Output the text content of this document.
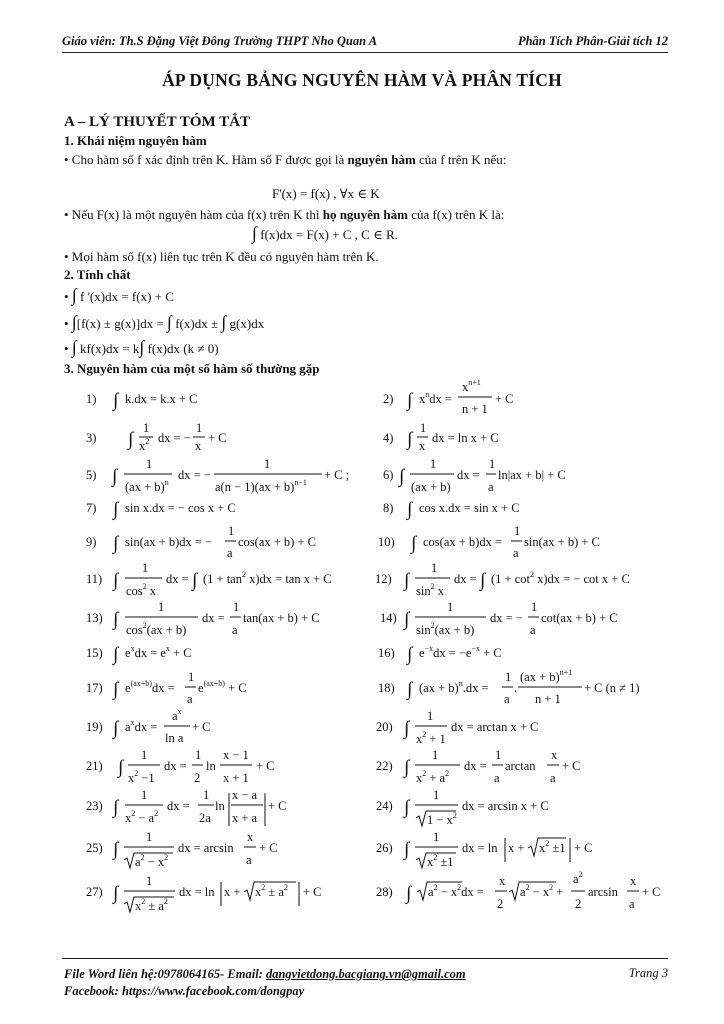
Giáo viên: Th.S Đặng Việt Đông Trường THPT Nho Quan A	Phần Tích Phân-Giải tích 12
ÁP DỤNG BẢNG NGUYÊN HÀM VÀ PHÂN TÍCH
A – LÝ THUYẾT TÓM TẮT
1. Khái niệm nguyên hàm
• Cho hàm số f xác định trên K. Hàm số F được gọi là nguyên hàm của f trên K nếu:
F'(x) = f(x) , ∀x ∈ K
• Nếu F(x) là một nguyên hàm của f(x) trên K thì họ nguyên hàm của f(x) trên K là:
∫ f(x)dx = F(x) + C , C ∈ R.
• Mọi hàm số f(x) liên tục trên K đều có nguyên hàm trên K.
2. Tính chất
• ∫ f '(x)dx = f(x) + C
• ∫[f(x) ± g(x)]dx = ∫ f(x)dx ± ∫ g(x)dx
• ∫ kf(x)dx = k∫ f(x)dx (k ≠ 0)
3. Nguyên hàm của một số hàm số thường gặp
1) ∫ k.dx = k.x + C	2) ∫ $x^ndx$ =
$x^{n+1}$
n + 1
+ C
3) ∫
1
$x^2$ dx = −
1
x
+ C	4) ∫
1
x
dx = ln x + C
5) ∫
1
(ax + b)$^n$
dx = −
1
a(n − 1)(ax + b)$^{n-1}$
+ C ;	6) ∫
1
(ax + b)
dx =
1
a
ln|ax + b| + C
7) ∫ sin x.dx = − cos x + C	8) ∫ cos x.dx = sin x + C
9) ∫ sin(ax + b)dx = −
1
a
cos(ax + b) + C	10) ∫ cos(ax + b)dx =
1
a
sin(ax + b) + C
11) ∫
1
$\cos^2 x$
dx = ∫ $(1 + \tan^2 x)dx = \tan x + C$	12) ∫
1
$\sin^2 x$
dx = ∫ $(1 + \cot^2 x)dx$ = − cot x + C
13) ∫
1
$\cos^2(ax + b)$
dx =
1
a
tan(ax + b) + C	14) ∫
1
$\sin^2(ax + b)$
dx = −
1
a
cot(ax + b) + C
15) ∫ $e^xdx = e^x + C$	16) ∫ $e^{-x}dx = -e^{-x} + C$
17) ∫ $e^{(ax+b)}dx$ =
1
a
$e^{(ax+b)} + C$	18) ∫ (ax + b)$^n$.dx =
1
a
.
(ax + b)$^{n+1}$
n + 1
+ C (n ≠ 1)
19) ∫ $a^xdx$ =
$a^x$
ln a
+ C	20) ∫
1
$x^2 + 1$
dx = arctan x + C
21) ∫
1
$x^2 -1$
dx =
1
2
ln
x − 1
x + 1
+ C	22) ∫
1
$x^2 + a^2$
dx =
1
a
arctan
x
a
+ C
23) ∫
1
$x^2 - a^2$
dx =
1
2a
ln
x − a
x + a
+ C	24) ∫
1
$1 - x^2$
dx = arcsin x + C
25) ∫
1
$a^2 - x^2$
dx = arcsin
x
a
+ C	26) ∫
1
$x^2 \pm 1$
dx = $\ln x + x^2 \pm 1 + C$
27) ∫
1
$x^2 \pm a^2$
dx = $\ln x + x^2 \pm a^2 + C$	28) ∫ $a^2 - x^2dx$ =
x
2
$a^2 - x^2$ +
$a^2$
2
arcsin
x
a
+ C
File Word liên hệ:0978064165- Email: dangvietdong.bacgiang.vn@gmail.com
Facebook: https://www.facebook.com/dongpay
Trang 3
